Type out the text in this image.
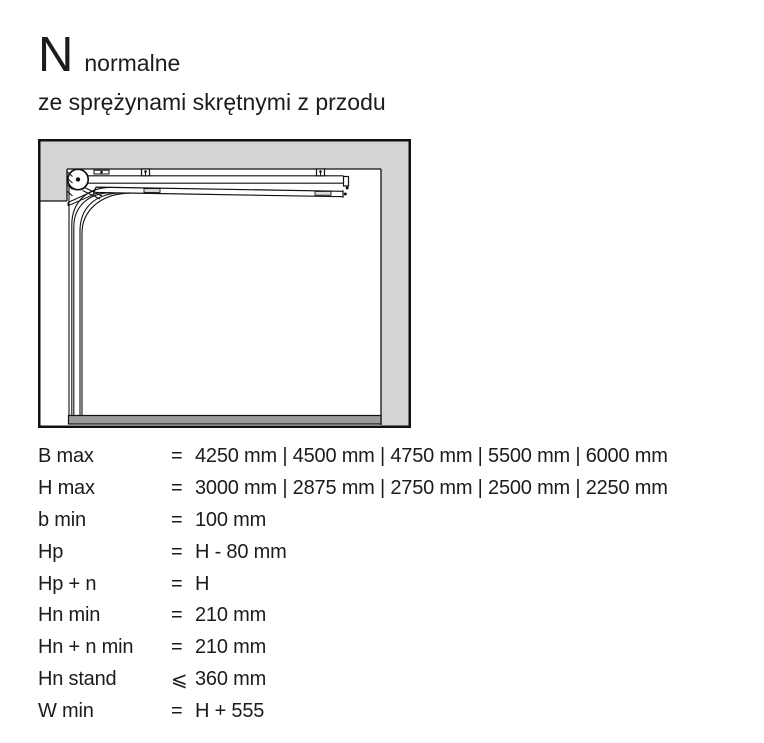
N normalne
ze sprężynami skrętnymi z przodu
B max	= 4250 mm | 4500 mm | 4750 mm | 5500 mm | 6000 mm
H max	= 3000 mm | 2875 mm | 2750 mm | 2500 mm | 2250 mm
b min	= 100 mm
Hp	= H - 80 mm
Hp + n	= H
Hn min	= 210 mm
Hn + n min	= 210 mm
Hn stand	⩽ 360 mm
W min	= H + 555
